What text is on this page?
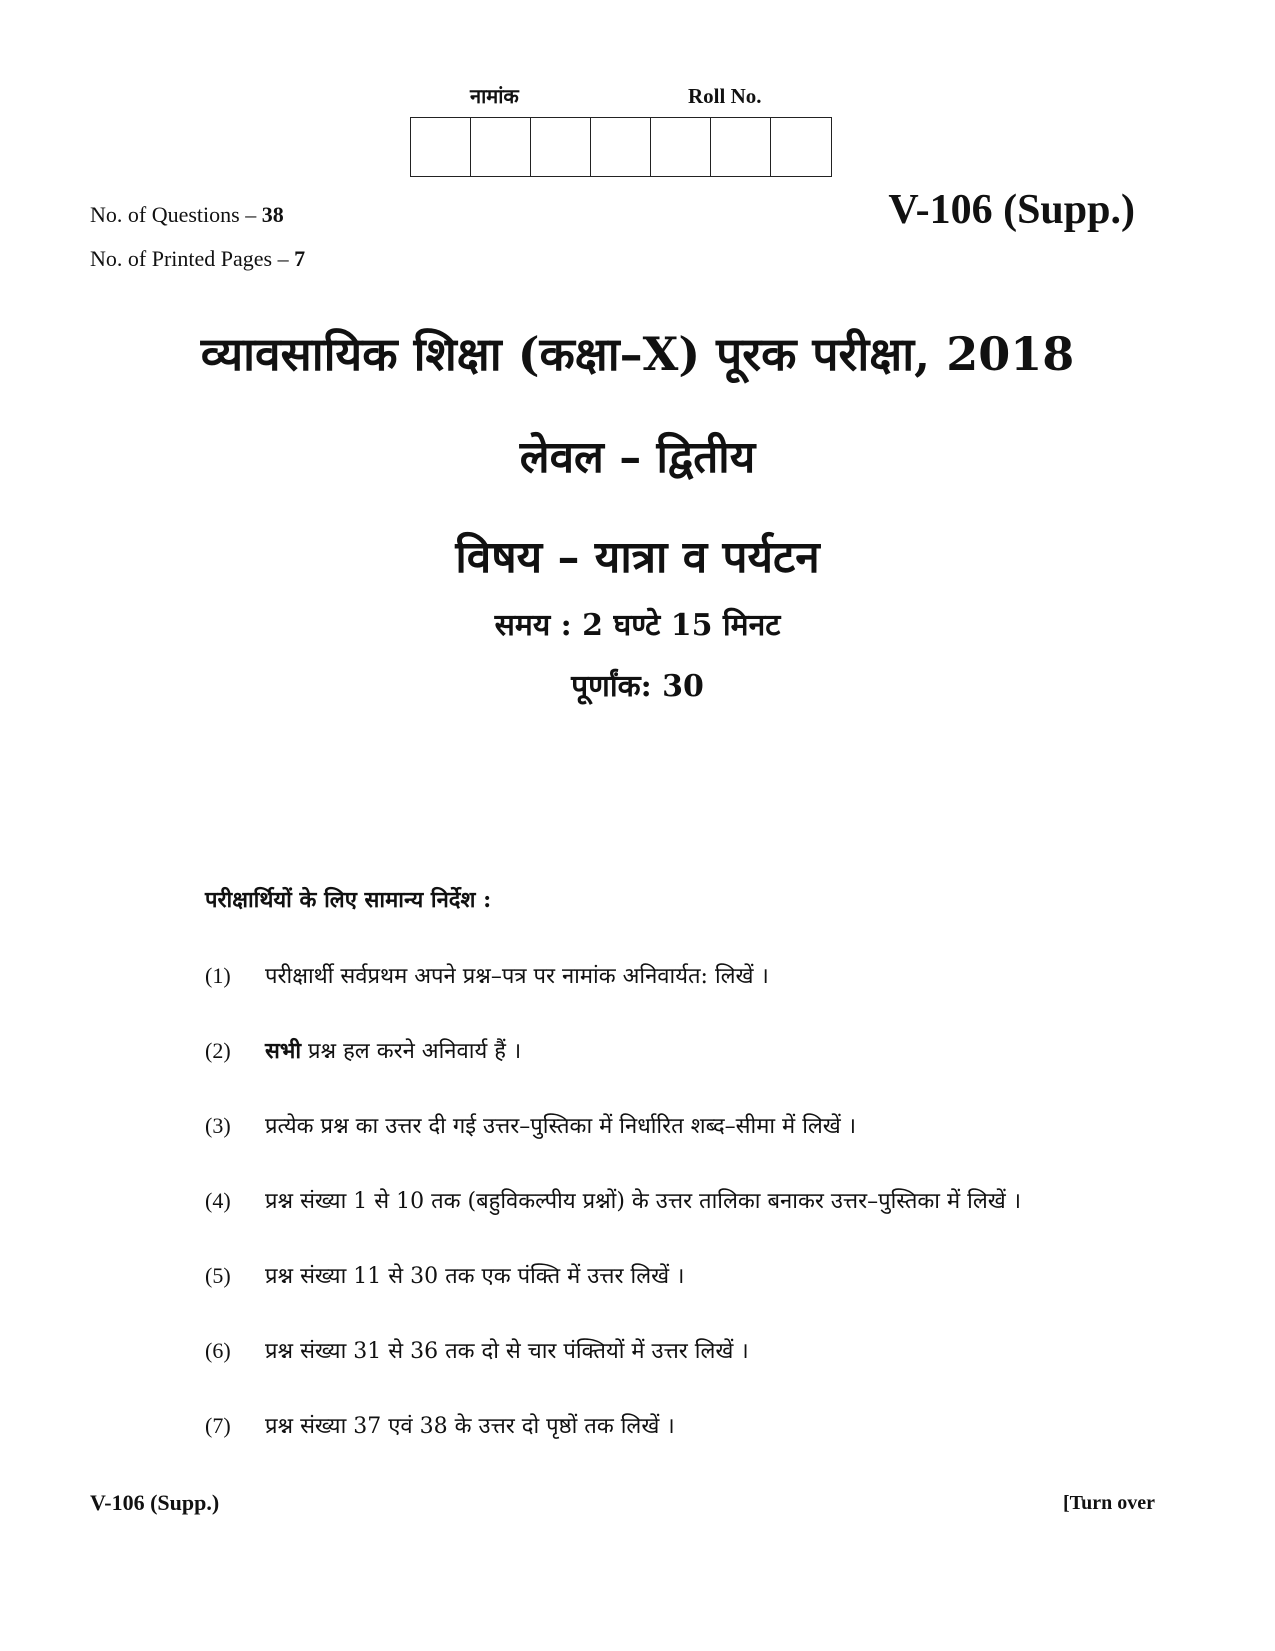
नामांक	Roll No.
No. of Questions – 38
No. of Printed Pages – 7
V-106 (Supp.)
व्यावसायिक शिक्षा (कक्षा–X) पूरक परीक्षा, 2018
लेवल – द्वितीय
विषय – यात्रा व पर्यटन
समय : 2 घण्टे 15 मिनट
पूर्णांक: 30
परीक्षार्थियों के लिए सामान्य निर्देश :
(1)	परीक्षार्थी सर्वप्रथम अपने प्रश्न–पत्र पर नामांक अनिवार्यत: लिखें ।
(2)	सभी प्रश्न हल करने अनिवार्य हैं ।
(3)	प्रत्येक प्रश्न का उत्तर दी गई उत्तर–पुस्तिका में निर्धारित शब्द–सीमा में लिखें ।
(4)	प्रश्न संख्या 1 से 10 तक (बहुविकल्पीय प्रश्नों) के उत्तर तालिका बनाकर उत्तर–पुस्तिका में लिखें ।
(5)	प्रश्न संख्या 11 से 30 तक एक पंक्ति में उत्तर लिखें ।
(6)	प्रश्न संख्या 31 से 36 तक दो से चार पंक्तियों में उत्तर लिखें ।
(7)	प्रश्न संख्या 37 एवं 38 के उत्तर दो पृष्ठों तक लिखें ।
V-106 (Supp.)	[Turn over
